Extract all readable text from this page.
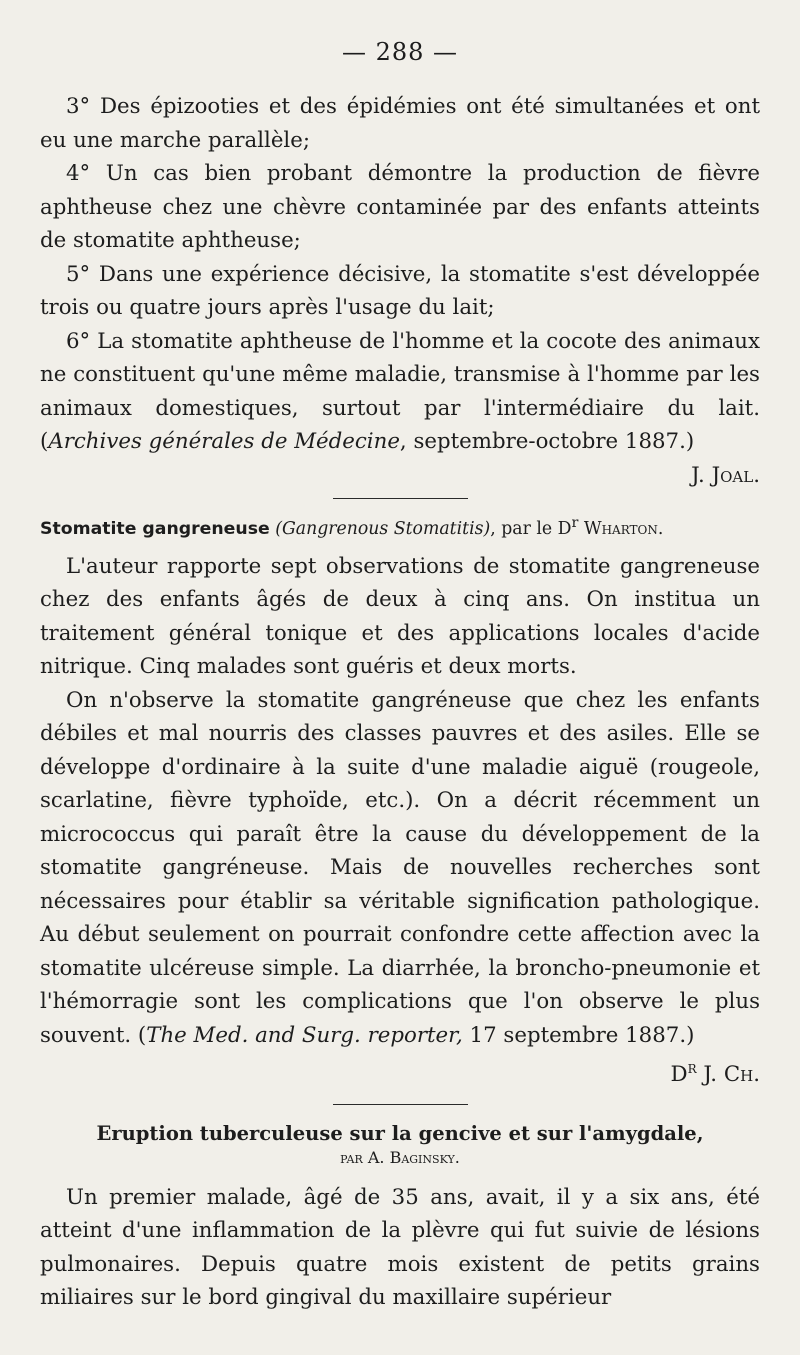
— 288 —

3° Des épizooties et des épidémies ont été simultanées et ont eu une marche parallèle;

4° Un cas bien probant démontre la production de fièvre aphtheuse chez une chèvre contaminée par des enfants atteints de stomatite aphtheuse;

5° Dans une expérience décisive, la stomatite s'est développée trois ou quatre jours après l'usage du lait;

6° La stomatite aphtheuse de l'homme et la cocote des animaux ne constituent qu'une même maladie, transmise à l'homme par les animaux domestiques, surtout par l'intermédiaire du lait. (Archives générales de Médecine, septembre-octobre 1887.)
J. Joal.

Stomatite gangreneuse (Gangrenous Stomatitis), par le $D^r$ Wharton.

L'auteur rapporte sept observations de stomatite gangreneuse chez des enfants âgés de deux à cinq ans. On institua un traitement général tonique et des applications locales d'acide nitrique. Cinq malades sont guéris et deux morts.

On n'observe la stomatite gangréneuse que chez les enfants débiles et mal nourris des classes pauvres et des asiles. Elle se développe d'ordinaire à la suite d'une maladie aiguë (rougeole, scarlatine, fièvre typhoïde, etc.). On a décrit récemment un micrococcus qui paraît être la cause du développement de la stomatite gangréneuse. Mais de nouvelles recherches sont nécessaires pour établir sa véritable signification pathologique. Au début seulement on pourrait confondre cette affection avec la stomatite ulcéreuse simple. La diarrhée, la broncho-pneumonie et l'hémorragie sont les complications que l'on observe le plus souvent. (The Med. and Surg. reporter, 17 septembre 1887.)
$D^r$ J. Ch.

Eruption tuberculeuse sur la gencive et sur l'amygdale,
par A. Baginsky.

Un premier malade, âgé de 35 ans, avait, il y a six ans, été atteint d'une inflammation de la plèvre qui fut suivie de lésions pulmonaires. Depuis quatre mois existent de petits grains miliaires sur le bord gingival du maxillaire supérieur
